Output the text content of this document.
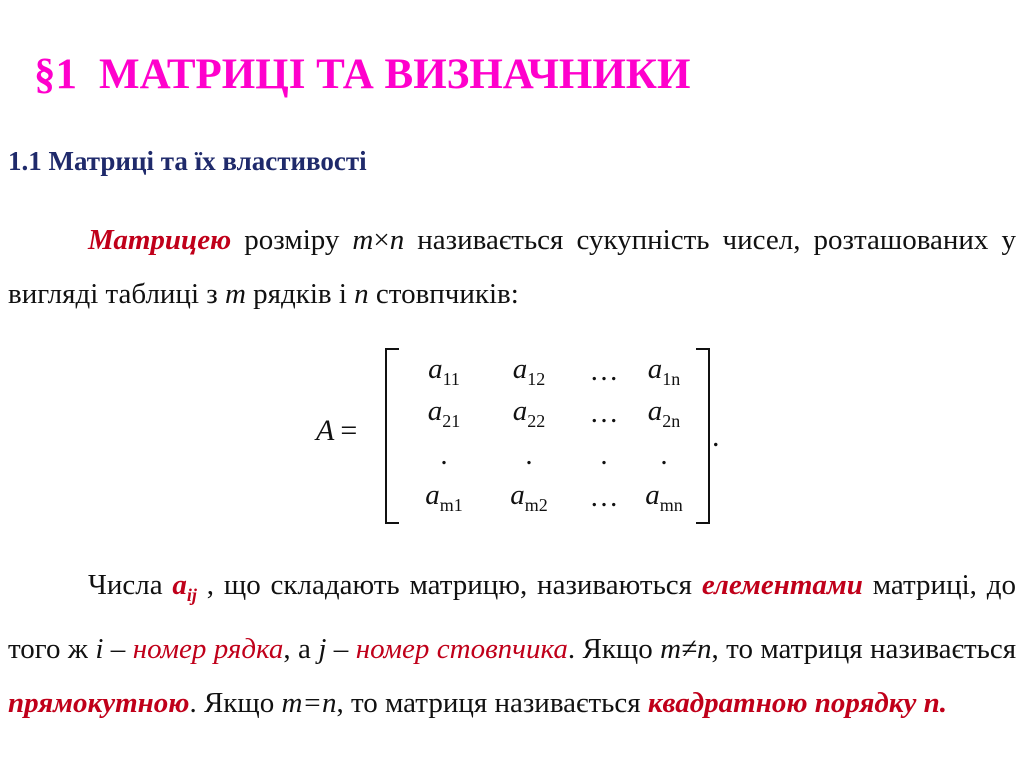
§1 МАТРИЦІ ТА ВИЗНАЧНИКИ
1.1 Матриці та їх властивості
Матрицею розміру m×n називається сукупність чисел, розташованих у вигляді таблиці з m рядків і n стовпчиків:
A =
$a_{11}$	$a_{12}$	…	$a_{1n}$
$a_{21}$	$a_{22}$	…	$a_{2n}$
.	.	.	.
$a_{m1}$	$a_{m2}$	… $a_{mn}$
.
Числа $a_{ij}$ , що складають матрицю, називаються елементами матриці, до того ж i – номер рядка, а j – номер стовпчика. Якщо m≠n, то матриця називається прямокутною. Якщо m=n, то матриця називається квадратною порядку n.
